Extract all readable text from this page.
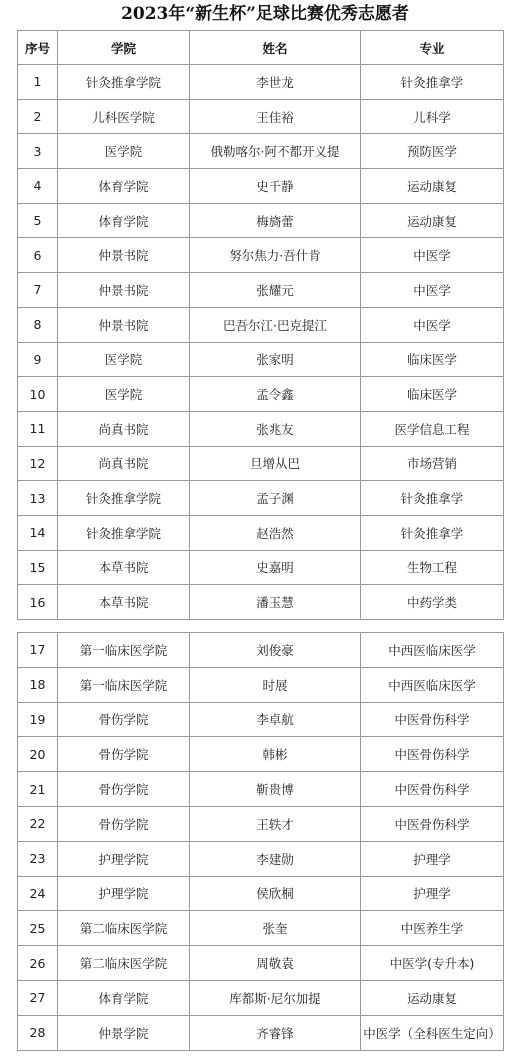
2023年“新生杯”足球比赛优秀志愿者
序号	学院	姓名	专业
1	针灸推拿学院	李世龙	针灸推拿学
2	儿科医学院	王佳裕	儿科学
3	医学院	俄勒喀尔·阿不都开义提	预防医学
4	体育学院	史千静	运动康复
5	体育学院	梅旖蕾	运动康复
6	仲景书院	努尔焦力·吾什肯	中医学
7	仲景书院	张耀元	中医学
8	仲景书院	巴吾尔江·巴克提江	中医学
9	医学院	张家明	临床医学
10	医学院	孟令鑫	临床医学
11	尚真书院	张兆友	医学信息工程
12	尚真书院	旦增从巴	市场营销
13	针灸推拿学院	孟子渊	针灸推拿学
14	针灸推拿学院	赵浩然	针灸推拿学
15	本草书院	史嘉明	生物工程
16	本草书院	潘玉慧	中药学类
17	第一临床医学院	刘俊豪	中西医临床医学
18	第一临床医学院	时展	中西医临床医学
19	骨伤学院	李卓航	中医骨伤科学
20	骨伤学院	韩彬	中医骨伤科学
21	骨伤学院	靳贵博	中医骨伤科学
22	骨伤学院	王轶才	中医骨伤科学
23	护理学院	李建勋	护理学
24	护理学院	侯欣桐	护理学
25	第二临床医学院	张奎	中医养生学
26	第二临床医学院	周敬袁	中医学(专升本)
27	体育学院	库都斯·尼尔加提	运动康复
28	仲景学院	齐睿锋	中医学（全科医生定向）
